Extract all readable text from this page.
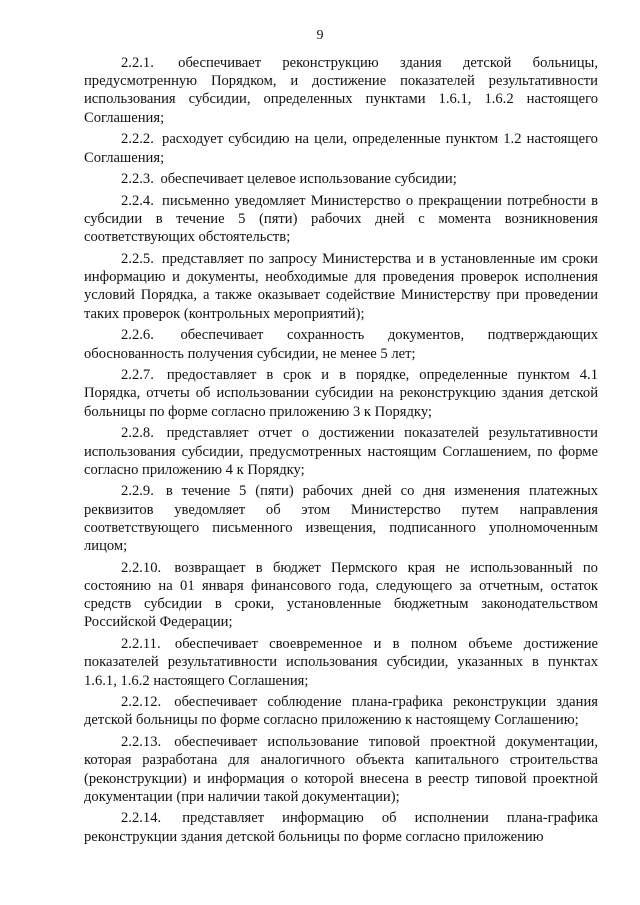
9

2.2.1. обеспечивает реконструкцию здания детской больницы, предусмотренную Порядком, и достижение показателей результативности использования субсидии, определенных пунктами 1.6.1, 1.6.2 настоящего Соглашения;

2.2.2. расходует субсидию на цели, определенные пунктом 1.2 настоящего Соглашения;

2.2.3. обеспечивает целевое использование субсидии;

2.2.4. письменно уведомляет Министерство о прекращении потребности в субсидии в течение 5 (пяти) рабочих дней с момента возникновения соответствующих обстоятельств;

2.2.5. представляет по запросу Министерства и в установленные им сроки информацию и документы, необходимые для проведения проверок исполнения условий Порядка, а также оказывает содействие Министерству при проведении таких проверок (контрольных мероприятий);

2.2.6. обеспечивает сохранность документов, подтверждающих обоснованность получения субсидии, не менее 5 лет;

2.2.7. предоставляет в срок и в порядке, определенные пунктом 4.1 Порядка, отчеты об использовании субсидии на реконструкцию здания детской больницы по форме согласно приложению 3 к Порядку;

2.2.8. представляет отчет о достижении показателей результативности использования субсидии, предусмотренных настоящим Соглашением, по форме согласно приложению 4 к Порядку;

2.2.9. в течение 5 (пяти) рабочих дней со дня изменения платежных реквизитов уведомляет об этом Министерство путем направления соответствующего письменного извещения, подписанного уполномоченным лицом;

2.2.10. возвращает в бюджет Пермского края не использованный по состоянию на 01 января финансового года, следующего за отчетным, остаток средств субсидии в сроки, установленные бюджетным законодательством Российской Федерации;

2.2.11. обеспечивает своевременное и в полном объеме достижение показателей результативности использования субсидии, указанных в пунктах 1.6.1, 1.6.2 настоящего Соглашения;

2.2.12. обеспечивает соблюдение плана-графика реконструкции здания детской больницы по форме согласно приложению к настоящему Соглашению;

2.2.13. обеспечивает использование типовой проектной документации, которая разработана для аналогичного объекта капитального строительства (реконструкции) и информация о которой внесена в реестр типовой проектной документации (при наличии такой документации);

2.2.14. представляет информацию об исполнении плана-графика реконструкции здания детской больницы по форме согласно приложению
